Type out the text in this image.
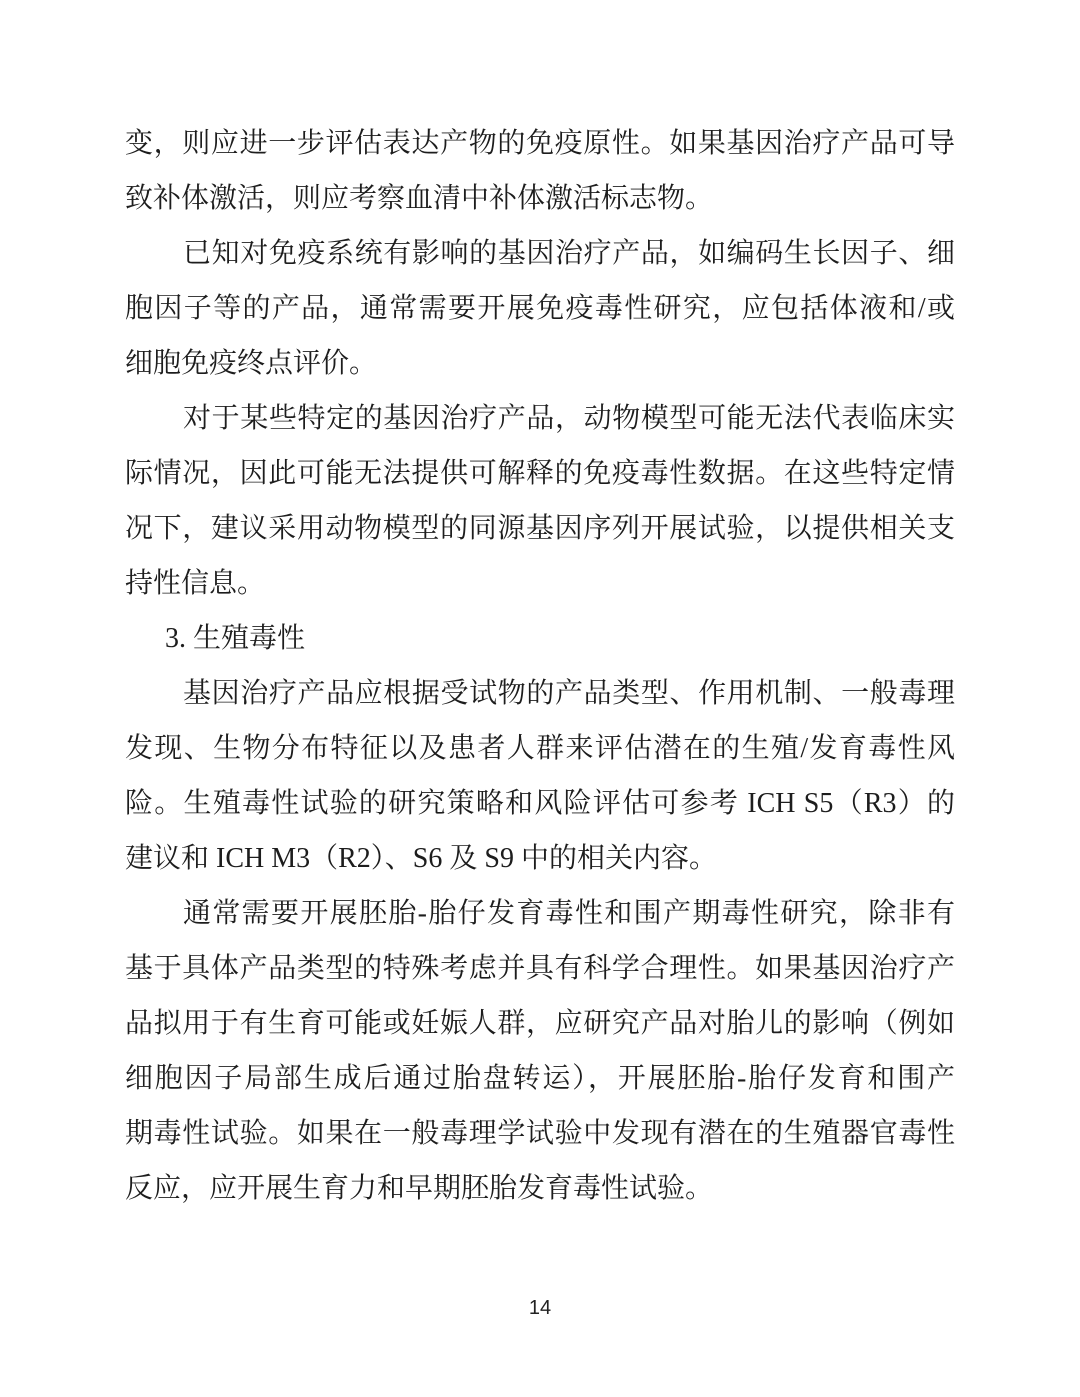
变，则应进一步评估表达产物的免疫原性。如果基因治疗产品可导
致补体激活，则应考察血清中补体激活标志物。
已知对免疫系统有影响的基因治疗产品，如编码生长因子、细
胞因子等的产品，通常需要开展免疫毒性研究，应包括体液和/或
细胞免疫终点评价。
对于某些特定的基因治疗产品，动物模型可能无法代表临床实
际情况，因此可能无法提供可解释的免疫毒性数据。在这些特定情
况下，建议采用动物模型的同源基因序列开展试验，以提供相关支
持性信息。
3. 生殖毒性
基因治疗产品应根据受试物的产品类型、作用机制、一般毒理
发现、生物分布特征以及患者人群来评估潜在的生殖/发育毒性风
险。生殖毒性试验的研究策略和风险评估可参考 ICH S5（R3）的
建议和 ICH M3（R2）、S6 及 S9 中的相关内容。
通常需要开展胚胎-胎仔发育毒性和围产期毒性研究，除非有
基于具体产品类型的特殊考虑并具有科学合理性。如果基因治疗产
品拟用于有生育可能或妊娠人群，应研究产品对胎儿的影响（例如
细胞因子局部生成后通过胎盘转运），开展胚胎-胎仔发育和围产
期毒性试验。如果在一般毒理学试验中发现有潜在的生殖器官毒性
反应，应开展生育力和早期胚胎发育毒性试验。
14
